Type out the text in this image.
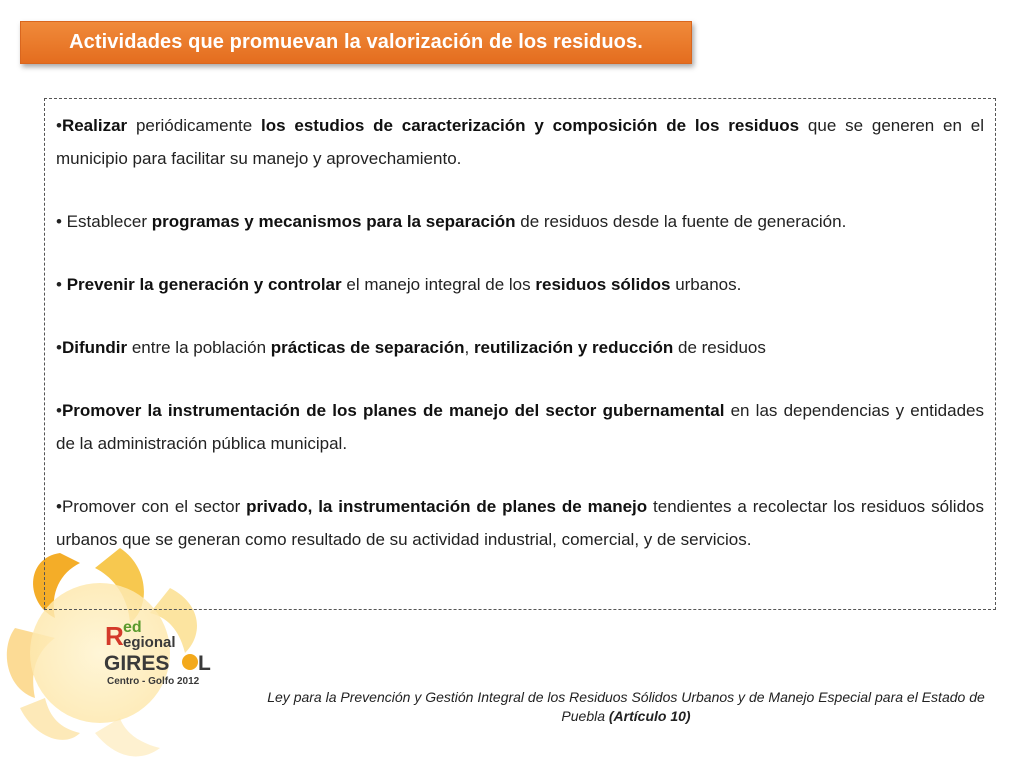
R ed
egional
GIRES L
Centro - Golfo 2012
Actividades que promuevan la valorización de los residuos.

•Realizar periódicamente los estudios de caracterización y composición de los residuos que se generen en el municipio para facilitar su manejo y aprovechamiento.

• Establecer programas y mecanismos para la separación de residuos desde la fuente de generación.

• Prevenir la generación y controlar el manejo integral de los residuos sólidos urbanos.

•Difundir entre la población prácticas de separación, reutilización y reducción de residuos

•Promover la instrumentación de los planes de manejo del sector gubernamental en las dependencias y entidades de la administración pública municipal.

•Promover con el sector privado, la instrumentación de planes de manejo tendientes a recolectar los residuos sólidos urbanos que se generan como resultado de su actividad industrial, comercial, y de servicios.

Ley para la Prevención y Gestión Integral de los Residuos Sólidos Urbanos y de Manejo Especial para el Estado de Puebla (Artículo 10)
